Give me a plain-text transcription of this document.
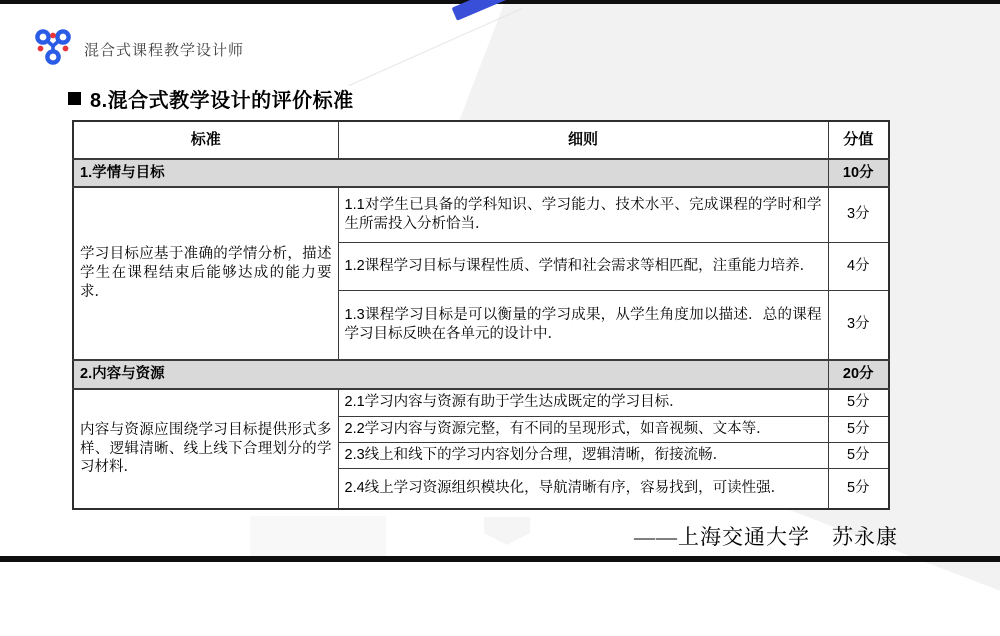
混合式课程教学设计师
8.混合式教学设计的评价标准
标准	细则	分值
1.学情与目标		10分
学习目标应基于准确的学情分析，描述学生在课程结束后能够达成的能力要求．	1.1对学生已具备的学科知识、学习能力、技术水平、完成课程的学时和学生所需投入分析恰当．	3分
	1.2课程学习目标与课程性质、学情和社会需求等相匹配，注重能力培养．	4分
	1.3课程学习目标是可以衡量的学习成果，从学生角度加以描述．总的课程学习目标反映在各单元的设计中．	3分
2.内容与资源		20分
内容与资源应围绕学习目标提供形式多样、逻辑清晰、线上线下合理划分的学习材料．	2.1学习内容与资源有助于学生达成既定的学习目标．	5分
	2.2学习内容与资源完整，有不同的呈现形式，如音视频、文本等．	5分
	2.3线上和线下的学习内容划分合理，逻辑清晰，衔接流畅．	5分
	2.4线上学习资源组织模块化，导航清晰有序，容易找到，可读性强．	5分
——上海交通大学　苏永康
